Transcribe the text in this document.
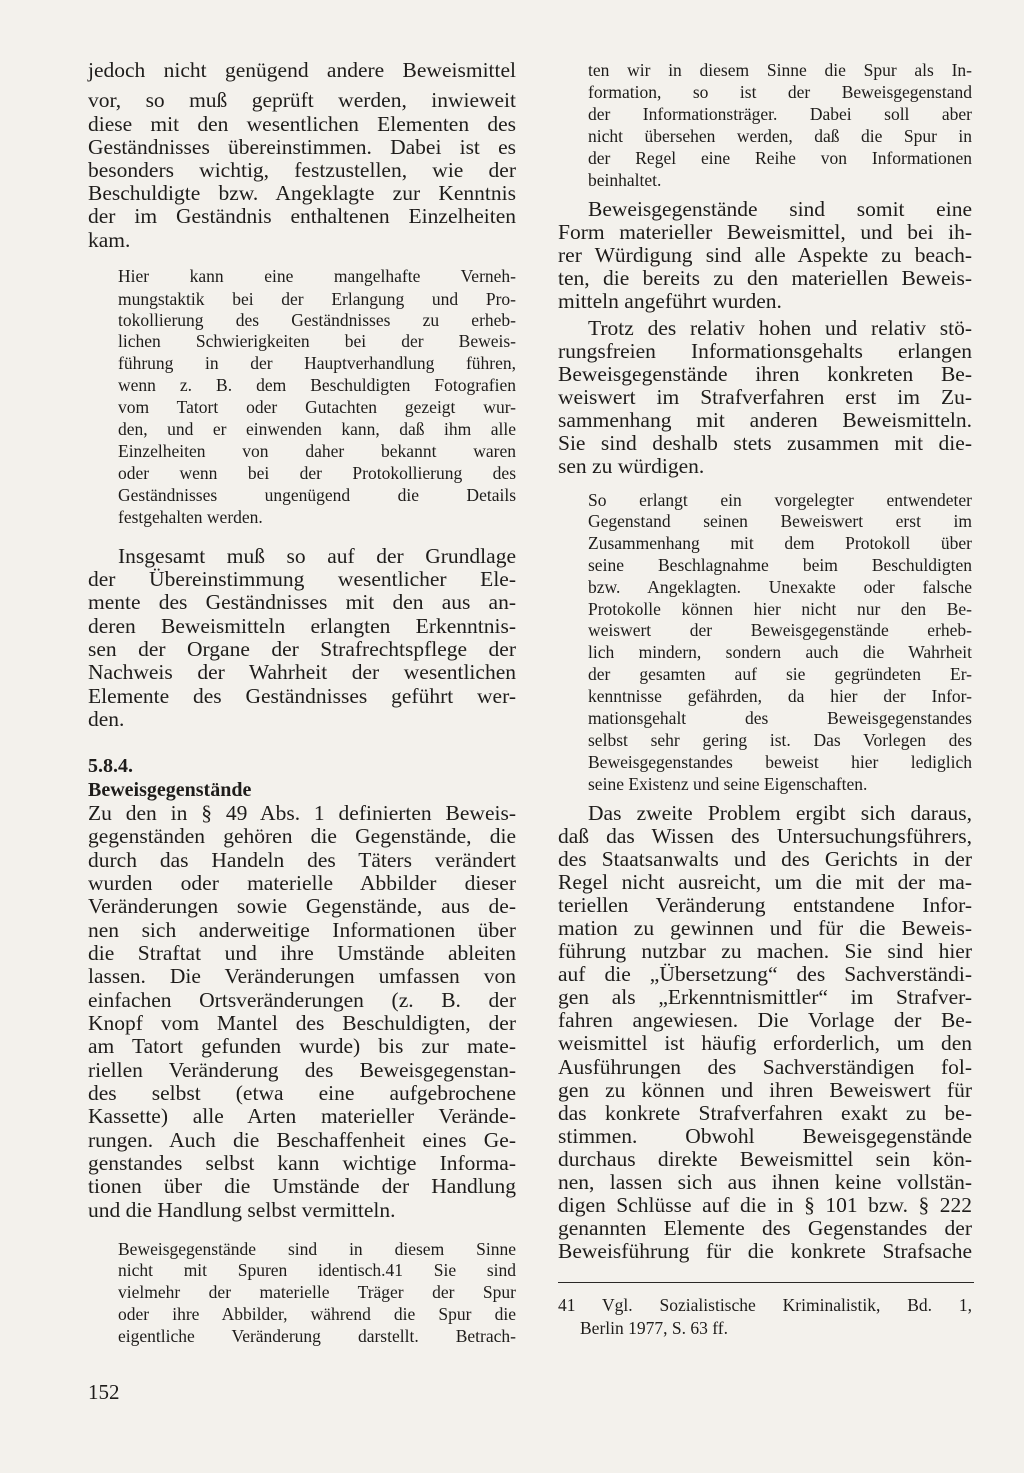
jedoch nicht genügend andere Beweismittel
vor, so muß geprüft werden, inwieweit
diese mit den wesentlichen Elementen des
Geständnisses übereinstimmen. Dabei ist es
besonders wichtig, festzustellen, wie der
Beschuldigte bzw. Angeklagte zur Kenntnis
der im Geständnis enthaltenen Einzelheiten
kam.
Hier kann eine mangelhafte Verneh-
mungstaktik bei der Erlangung und Pro-
tokollierung des Geständnisses zu erheb-
lichen Schwierigkeiten bei der Beweis-
führung in der Hauptverhandlung führen,
wenn z. B. dem Beschuldigten Fotografien
vom Tatort oder Gutachten gezeigt wur-
den, und er einwenden kann, daß ihm alle
Einzelheiten von daher bekannt waren
oder wenn bei der Protokollierung des
Geständnisses ungenügend die Details
festgehalten werden.
Insgesamt muß so auf der Grundlage
der Übereinstimmung wesentlicher Ele-
mente des Geständnisses mit den aus an-
deren Beweismitteln erlangten Erkenntnis-
sen der Organe der Strafrechtspflege der
Nachweis der Wahrheit der wesentlichen
Elemente des Geständnisses geführt wer-
den.
5.8.4.
Beweisgegenstände
Zu den in § 49 Abs. 1 definierten Beweis-
gegenständen gehören die Gegenstände, die
durch das Handeln des Täters verändert
wurden oder materielle Abbilder dieser
Veränderungen sowie Gegenstände, aus de-
nen sich anderweitige Informationen über
die Straftat und ihre Umstände ableiten
lassen. Die Veränderungen umfassen von
einfachen Ortsveränderungen (z. B. der
Knopf vom Mantel des Beschuldigten, der
am Tatort gefunden wurde) bis zur mate-
riellen Veränderung des Beweisgegenstan-
des selbst (etwa eine aufgebrochene
Kassette) alle Arten materieller Verände-
rungen. Auch die Beschaffenheit eines Ge-
genstandes selbst kann wichtige Informa-
tionen über die Umstände der Handlung
und die Handlung selbst vermitteln.
Beweisgegenstände sind in diesem Sinne
nicht mit Spuren identisch.41 Sie sind
vielmehr der materielle Träger der Spur
oder ihre Abbilder, während die Spur die
eigentliche Veränderung darstellt. Betrach-
ten wir in diesem Sinne die Spur als In-
formation, so ist der Beweisgegenstand
der Informationsträger. Dabei soll aber
nicht übersehen werden, daß die Spur in
der Regel eine Reihe von Informationen
beinhaltet.
Beweisgegenstände sind somit eine
Form materieller Beweismittel, und bei ih-
rer Würdigung sind alle Aspekte zu beach-
ten, die bereits zu den materiellen Beweis-
mitteln angeführt wurden.
Trotz des relativ hohen und relativ stö-
rungsfreien Informationsgehalts erlangen
Beweisgegenstände ihren konkreten Be-
weiswert im Strafverfahren erst im Zu-
sammenhang mit anderen Beweismitteln.
Sie sind deshalb stets zusammen mit die-
sen zu würdigen.
So erlangt ein vorgelegter entwendeter
Gegenstand seinen Beweiswert erst im
Zusammenhang mit dem Protokoll über
seine Beschlagnahme beim Beschuldigten
bzw. Angeklagten. Unexakte oder falsche
Protokolle können hier nicht nur den Be-
weiswert der Beweisgegenstände erheb-
lich mindern, sondern auch die Wahrheit
der gesamten auf sie gegründeten Er-
kenntnisse gefährden, da hier der Infor-
mationsgehalt des Beweisgegenstandes
selbst sehr gering ist. Das Vorlegen des
Beweisgegenstandes beweist hier lediglich
seine Existenz und seine Eigenschaften.
Das zweite Problem ergibt sich daraus,
daß das Wissen des Untersuchungsführers,
des Staatsanwalts und des Gerichts in der
Regel nicht ausreicht, um die mit der ma-
teriellen Veränderung entstandene Infor-
mation zu gewinnen und für die Beweis-
führung nutzbar zu machen. Sie sind hier
auf die „Übersetzung“ des Sachverständi-
gen als „Erkenntnismittler“ im Strafver-
fahren angewiesen. Die Vorlage der Be-
weismittel ist häufig erforderlich, um den
Ausführungen des Sachverständigen fol-
gen zu können und ihren Beweiswert für
das konkrete Strafverfahren exakt zu be-
stimmen. Obwohl Beweisgegenstände
durchaus direkte Beweismittel sein kön-
nen, lassen sich aus ihnen keine vollstän-
digen Schlüsse auf die in § 101 bzw. § 222
genannten Elemente des Gegenstandes der
Beweisführung für die konkrete Strafsache
41 Vgl. Sozialistische Kriminalistik, Bd. 1,
Berlin 1977, S. 63 ff.
152
